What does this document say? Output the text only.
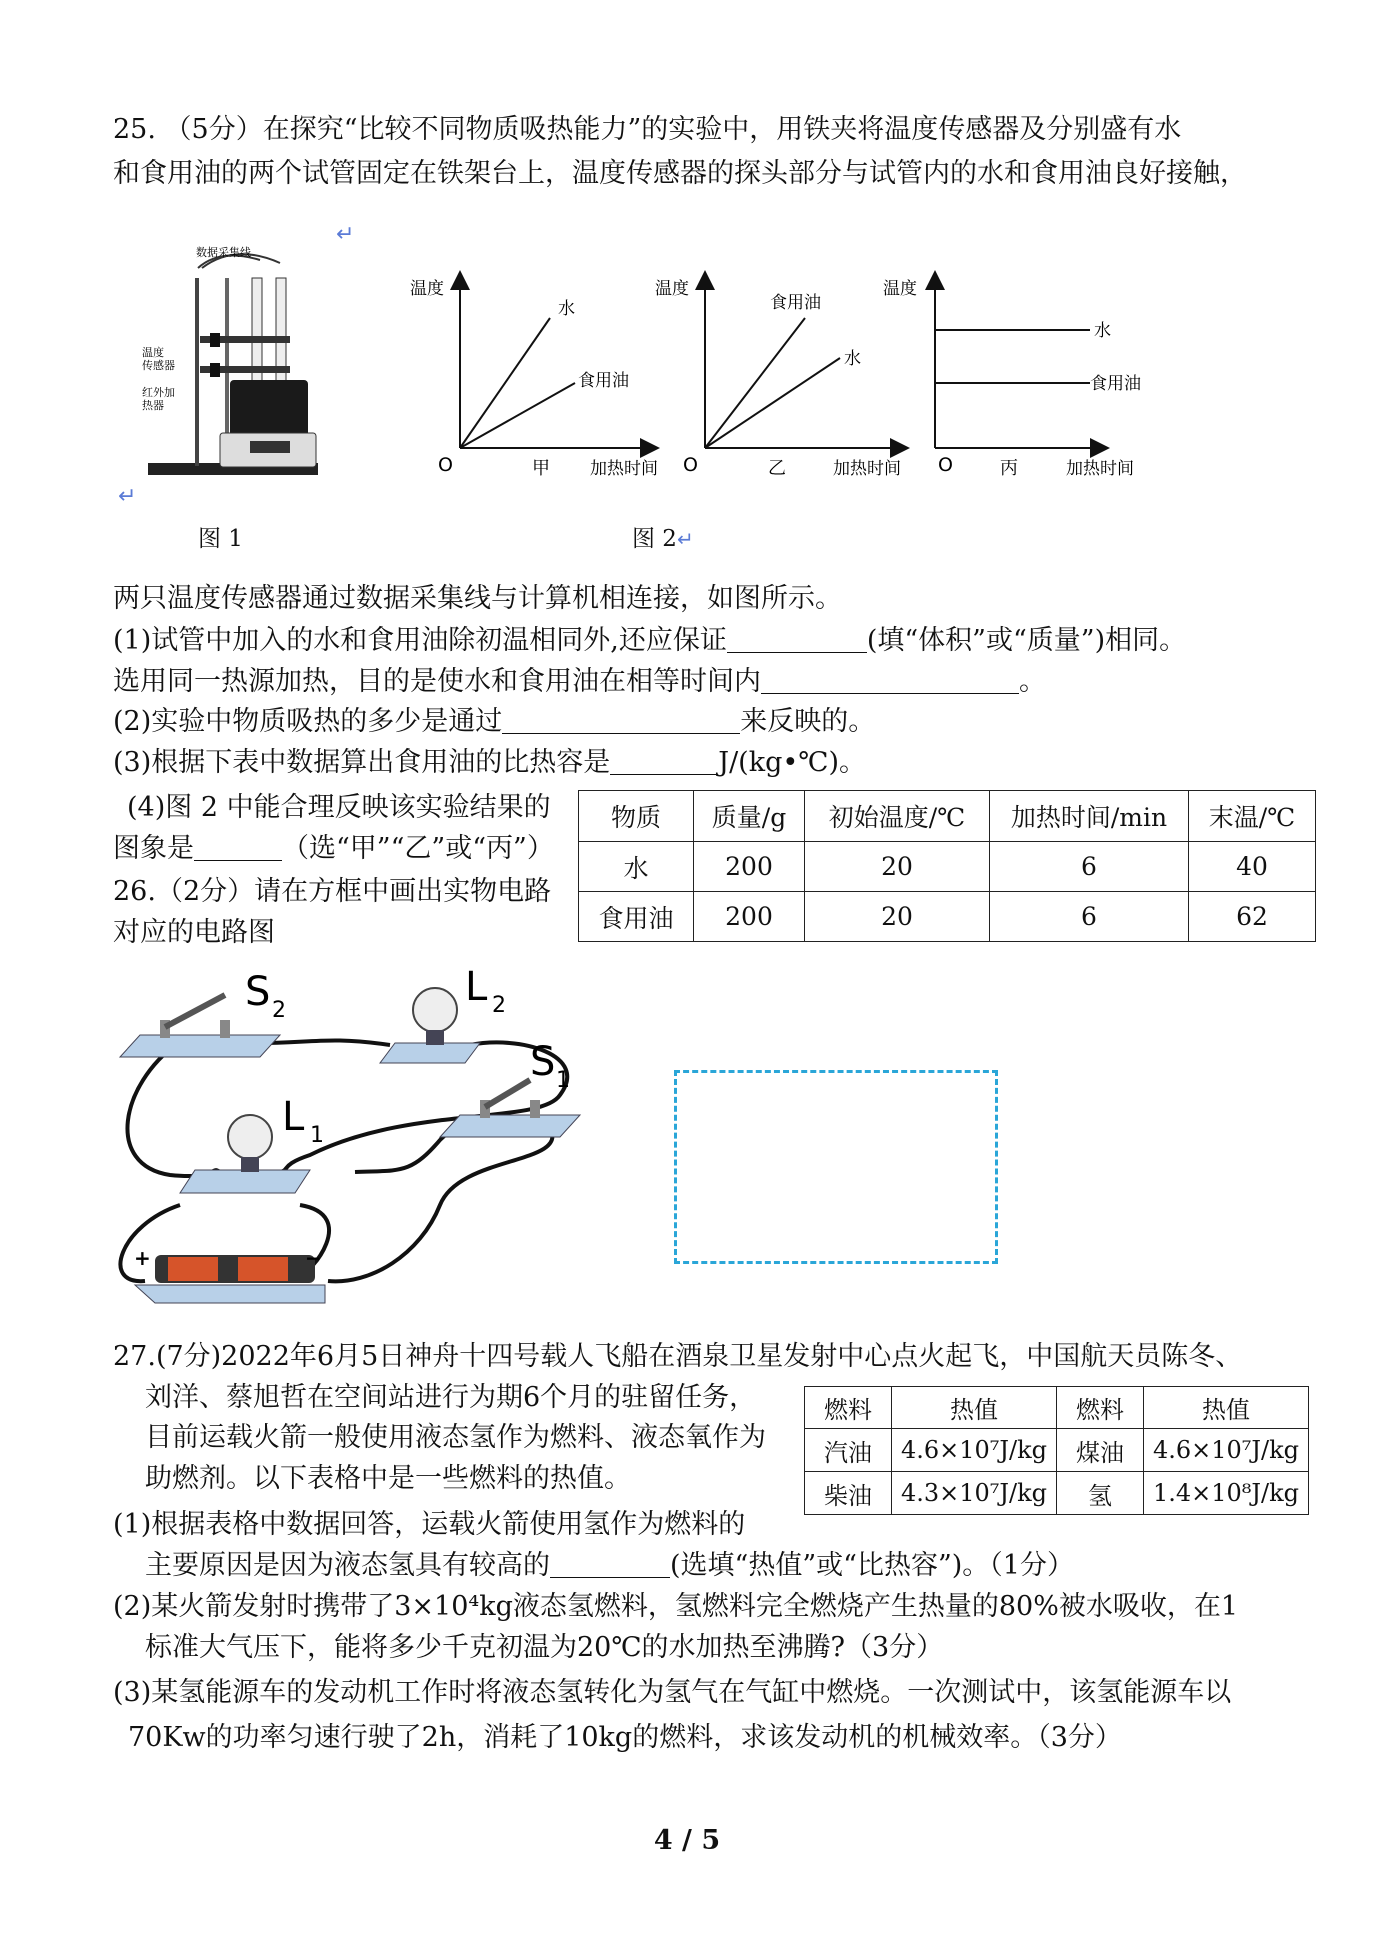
25. （5分）在探究“比较不同物质吸热能力”的实验中，用铁夹将温度传感器及分别盛有水
和食用油的两个试管固定在铁架台上，温度传感器的探头部分与试管内的水和食用油良好接触，
↵
↵
数据采集线
温度
传感器
红外加
热器
图 1
温度
水
食用油
O	甲 加热时间
温度
食用油
水
O	乙	加热时间
温度
水
食用油
O	丙	加热时间
图 2↵
两只温度传感器通过数据采集线与计算机相连接，如图所示。
(1)试管中加入的水和食用油除初温相同外,还应保证	(填“体积”或“质量”)相同。
选用同一热源加热，目的是使水和食用油在相等时间内	。
(2)实验中物质吸热的多少是通过	来反映的。
(3)根据下表中数据算出食用油的比热容是	J/(kg•℃)。
(4)图 2 中能合理反映该实验结果的
图象是	（选“甲”“乙”或“丙”）
物质	质量/g	初始温度/℃	加热时间/min	末温/℃
水	200	20	6	40
食用油	200	20	6	62
26.（2分）请在方框中画出实物电路
对应的电路图
S 2
L 2
S 1
L 1
+	−
27.(7分)2022年6月5日神舟十四号载人飞船在酒泉卫星发射中心点火起飞，中国航天员陈冬、
刘洋、蔡旭哲在空间站进行为期6个月的驻留任务，
目前运载火箭一般使用液态氢作为燃料、液态氧作为
助燃剂。以下表格中是一些燃料的热值。
燃料	热值	燃料	热值
汽油	4.6×10⁷J/kg	煤油	4.6×10⁷J/kg
柴油	4.3×10⁷J/kg	氢	1.4×10⁸J/kg
(1)根据表格中数据回答，运载火箭使用氢作为燃料的
主要原因是因为液态氢具有较高的	(选填“热值”或“比热容”)。（1分）
(2)某火箭发射时携带了3×10⁴kg液态氢燃料，氢燃料完全燃烧产生热量的80%被水吸收，在1
标准大气压下，能将多少千克初温为20℃的水加热至沸腾?（3分）
(3)某氢能源车的发动机工作时将液态氢转化为氢气在气缸中燃烧。一次测试中，该氢能源车以
70Kw的功率匀速行驶了2h，消耗了10kg的燃料，求该发动机的机械效率。（3分）
4 / 5
